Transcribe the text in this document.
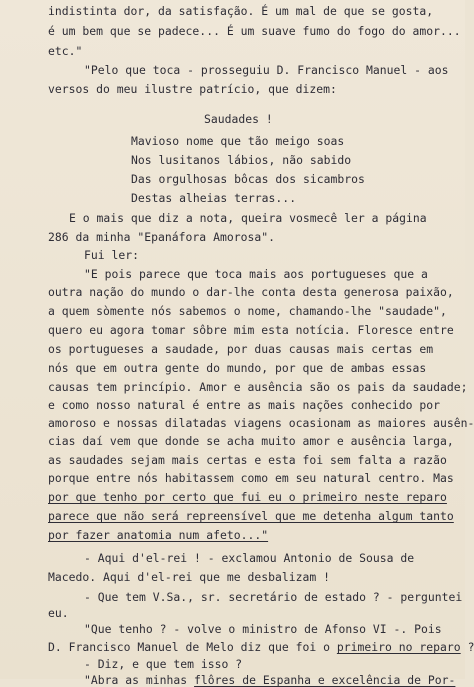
indistinta dor, da satisfação. É um mal de que se gosta,
é um bem que se padece... É um suave fumo do fogo do amor...
etc."
"Pelo que toca - prosseguiu D. Francisco Manuel - aos
versos do meu ilustre patrício, que dizem:
Saudades !
Mavioso nome que tão meigo soas
Nos lusitanos lábios, não sabido
Das orgulhosas bôcas dos sicambros
Destas alheias terras...
E o mais que diz a nota, queira vosmecê ler a página
286 da minha "Epanáfora Amorosa".
Fui ler:
"E pois parece que toca mais aos portugueses que a
outra nação do mundo o dar-lhe conta desta generosa paixão,
a quem sòmente nós sabemos o nome, chamando-lhe "saudade",
quero eu agora tomar sôbre mim esta notícia. Floresce entre
os portugueses a saudade, por duas causas mais certas em
nós que em outra gente do mundo, por que de ambas essas
causas tem princípio. Amor e ausência são os pais da saudade;
e como nosso natural é entre as mais nações conhecido por
amoroso e nossas dilatadas viagens ocasionam as maiores ausên-
cias daí vem que donde se acha muito amor e ausência larga,
as saudades sejam mais certas e esta foi sem falta a razão
porque entre nós habitassem como em seu natural centro. Mas
por que tenho por certo que fui eu o primeiro neste reparo
parece que não será repreensível que me detenha algum tanto
por fazer anatomia num afeto..."
- Aqui d'el-rei ! - exclamou Antonio de Sousa de
Macedo. Aqui d'el-rei que me desbalizam !
- Que tem V.Sa., sr. secretário de estado ? - perguntei
eu.
"Que tenho ? - volve o ministro de Afonso VI -. Pois
D. Francisco Manuel de Melo diz que foi o primeiro no reparo ?
- Diz, e que tem isso ?
"Abra as minhas flôres de Espanha e excelência de Por-
